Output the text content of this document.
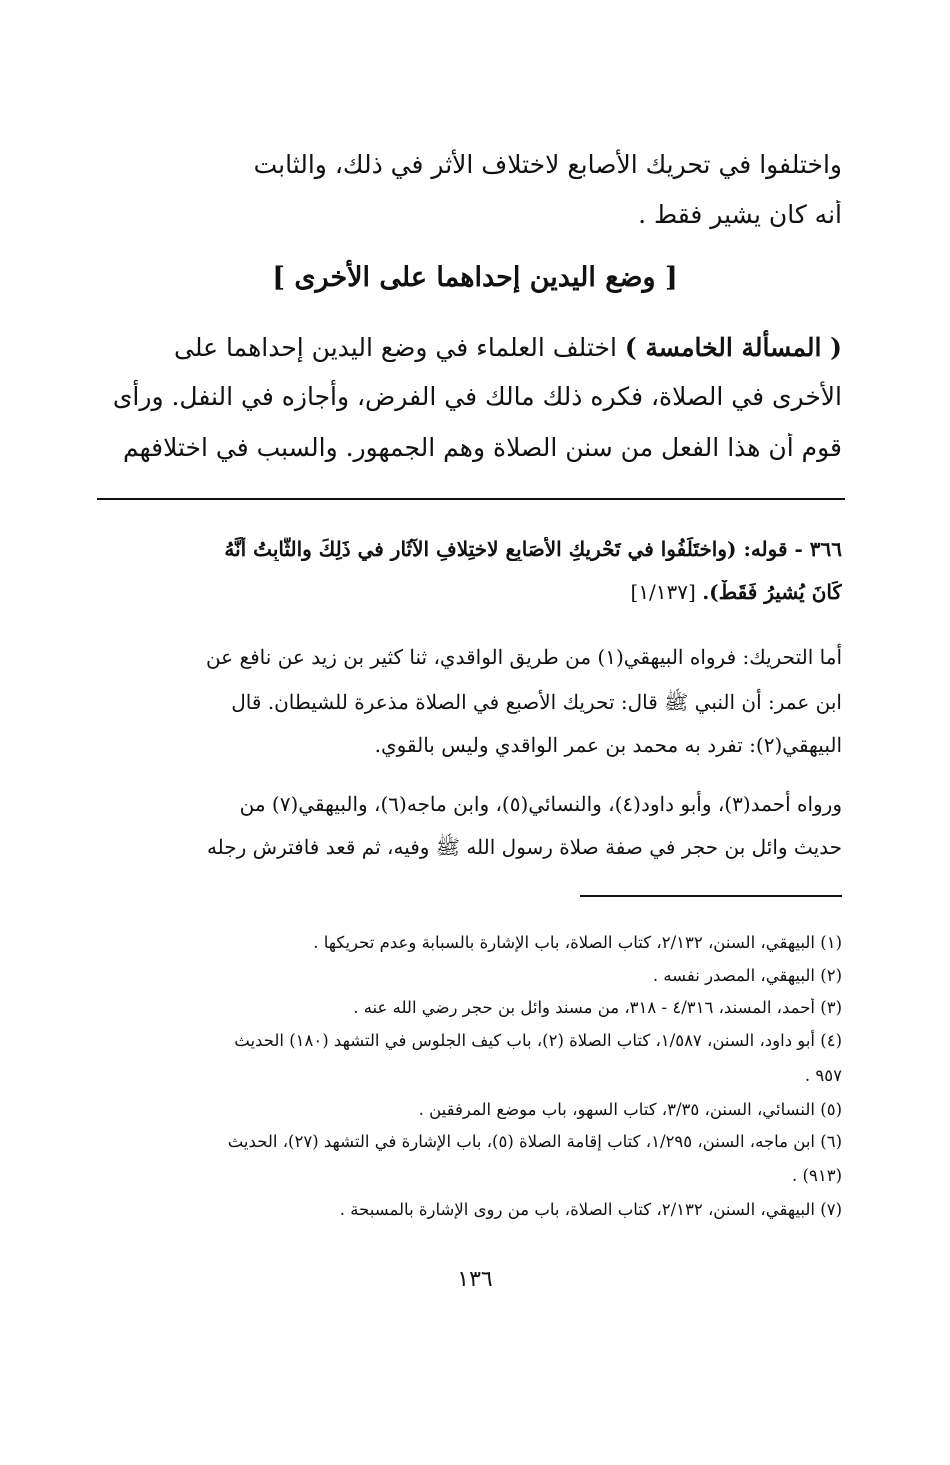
واختلفوا في تحريك الأصابع لاختلاف الأثر في ذلك، والثابت
أنه كان يشير فقط .
[ وضع اليدين إحداهما على الأخرى ]
( المسألة الخامسة ) اختلف العلماء في وضع اليدين إحداهما على
الأخرى في الصلاة، فكره ذلك مالك في الفرض، وأجازه في النفل. ورأى
قوم أن هذا الفعل من سنن الصلاة وهم الجمهور. والسبب في اختلافهم
٣٦٦ - قوله: (واختَلَفُوا في تَحْريكِ الأَصَابِعِ لاختِلافِ الآثَارِ في ذَلِكَ والثَّابِتُ أَنَّهُ
كَانَ يُشيرُ فَقَطْ). [١/١٣٧]
أما التحريك: فرواه البيهقي(١) من طريق الواقدي، ثنا كثير بن زيد عن نافع عن
ابن عمر: أن النبي ﷺ قال: تحريك الأصبع في الصلاة مذعرة للشيطان. قال
البيهقي(٢): تفرد به محمد بن عمر الواقدي وليس بالقوي.
ورواه أحمد(٣)، وأبو داود(٤)، والنسائي(٥)، وابن ماجه(٦)، والبيهقي(٧) من
حديث وائل بن حجر في صفة صلاة رسول الله ﷺ وفيه، ثم قعد فافترش رجله
(١) البيهقي، السنن، ٢/١٣٢، كتاب الصلاة، باب الإشارة بالسبابة وعدم تحريكها .
(٢) البيهقي، المصدر نفسه .
(٣) أحمد، المسند، ٤/٣١٦ - ٣١٨، من مسند وائل بن حجر رضي الله عنه .
(٤) أبو داود، السنن، ١/٥٨٧، كتاب الصلاة (٢)، باب كيف الجلوس في التشهد (١٨٠) الحديث
٩٥٧ .
(٥) النسائي، السنن، ٣/٣٥، كتاب السهو، باب موضع المرفقين .
(٦) ابن ماجه، السنن، ١/٢٩٥، كتاب إقامة الصلاة (٥)، باب الإشارة في التشهد (٢٧)، الحديث
(٩١٣) .
(٧) البيهقي، السنن، ٢/١٣٢، كتاب الصلاة، باب من روى الإشارة بالمسبحة .
١٣٦
